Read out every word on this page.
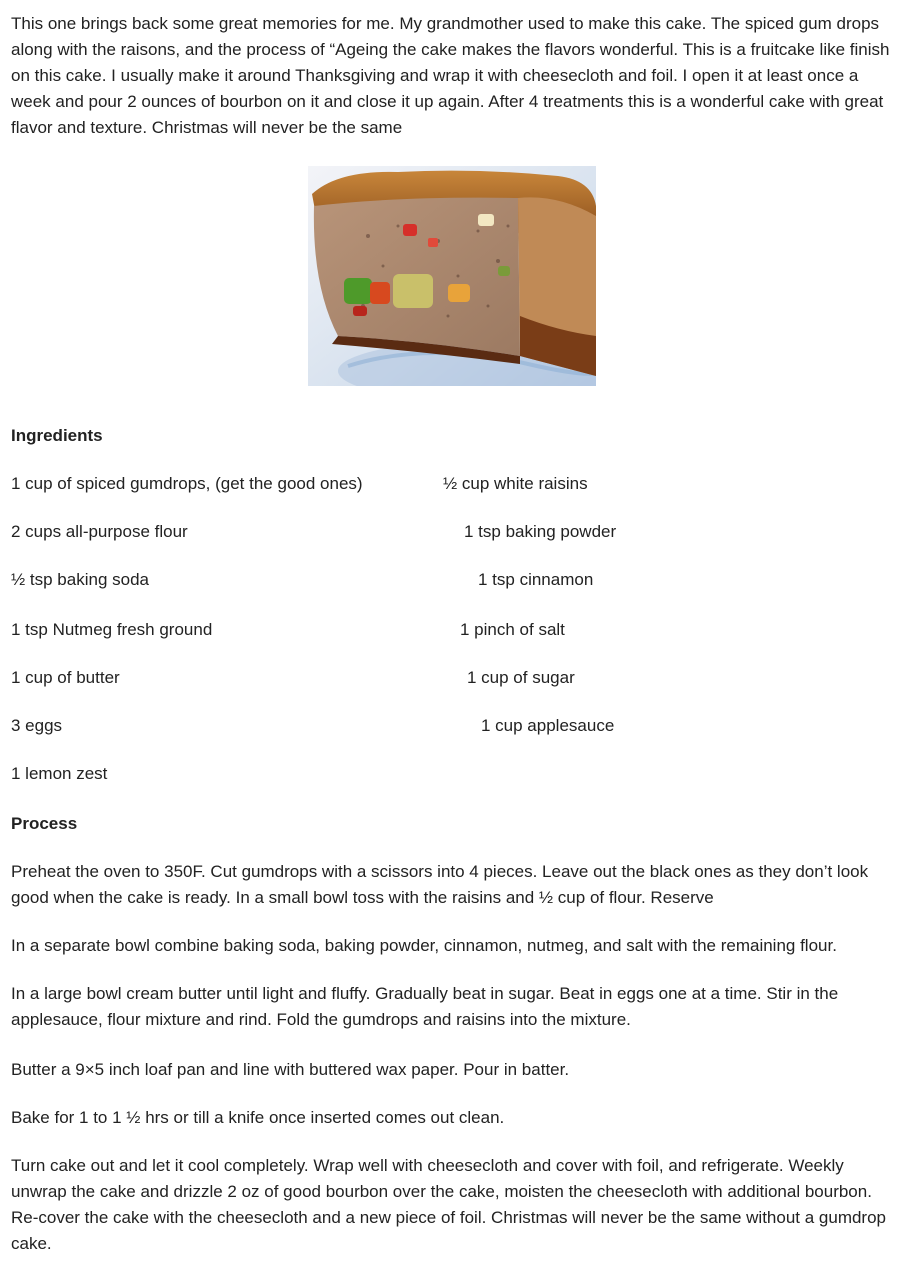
This one brings back some great memories for me. My grandmother used to make this cake. The spiced gum drops along with the raisons, and the process of “Ageing the cake makes the flavors wonderful. This is a fruitcake like finish on this cake. I usually make it around Thanksgiving and wrap it with cheesecloth and foil. I open it at least once a week and pour 2 ounces of bourbon on it and close it up again. After 4 treatments this is a wonderful cake with great flavor and texture. Christmas will never be the same

Ingredients

1 cup of spiced gumdrops, (get the good ones)	½ cup white raisins

2 cups all-purpose flour	1 tsp baking powder

½ tsp baking soda	1 tsp cinnamon

1 tsp Nutmeg fresh ground	1 pinch of salt

1 cup of butter	1 cup of sugar

3 eggs	1 cup applesauce

1 lemon zest

Process

Preheat the oven to 350F. Cut gumdrops with a scissors into 4 pieces. Leave out the black ones as they don’t look good when the cake is ready. In a small bowl toss with the raisins and ½ cup of flour. Reserve

In a separate bowl combine baking soda, baking powder, cinnamon, nutmeg, and salt with the remaining flour.

In a large bowl cream butter until light and fluffy. Gradually beat in sugar. Beat in eggs one at a time. Stir in the applesauce, flour mixture and rind. Fold the gumdrops and raisins into the mixture.

Butter a 9×5 inch loaf pan and line with buttered wax paper. Pour in batter.

Bake for 1 to 1 ½ hrs or till a knife once inserted comes out clean.

Turn cake out and let it cool completely. Wrap well with cheesecloth and cover with foil, and refrigerate. Weekly unwrap the cake and drizzle 2 oz of good bourbon over the cake, moisten the cheesecloth with additional bourbon. Re-cover the cake with the cheesecloth and a new piece of foil. Christmas will never be the same without a gumdrop cake.
